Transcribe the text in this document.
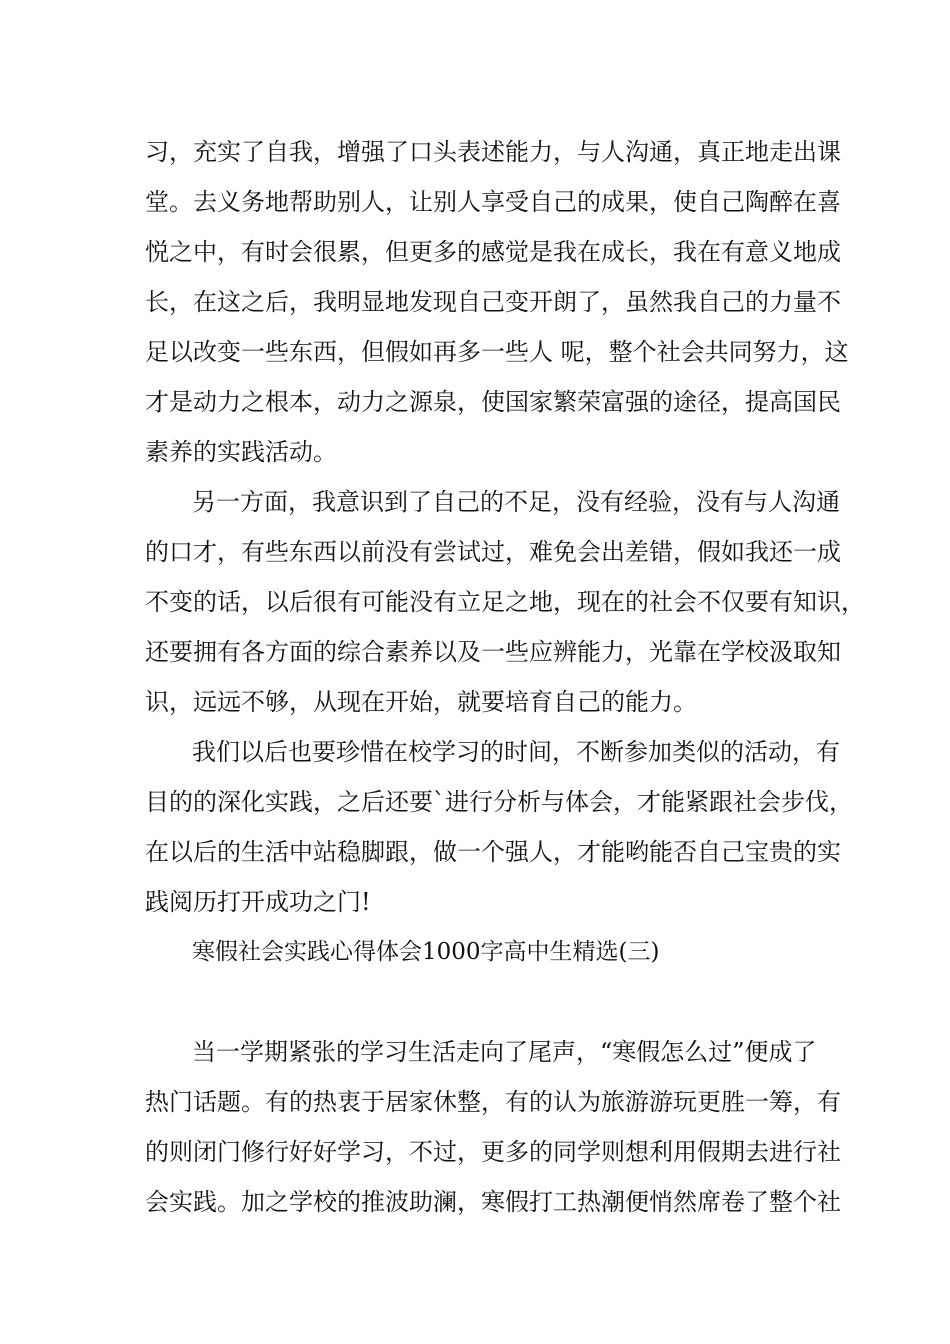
习，充实了自我，增强了口头表述能力，与人沟通，真正地走出课
堂。去义务地帮助别人，让别人享受自己的成果，使自己陶醉在喜
悦之中，有时会很累，但更多的感觉是我在成长，我在有意义地成
长，在这之后，我明显地发现自己变开朗了，虽然我自己的力量不
足以改变一些东西，但假如再多一些人 呢，整个社会共同努力，这
才是动力之根本，动力之源泉，使国家繁荣富强的途径，提高国民
素养的实践活动。
另一方面，我意识到了自己的不足，没有经验，没有与人沟通
的口才，有些东西以前没有尝试过，难免会出差错，假如我还一成
不变的话，以后很有可能没有立足之地，现在的社会不仅要有知识，
还要拥有各方面的综合素养以及一些应辨能力，光靠在学校汲取知
识，远远不够，从现在开始，就要培育自己的能力。
我们以后也要珍惜在校学习的时间，不断参加类似的活动，有
目的的深化实践，之后还要`进行分析与体会，才能紧跟社会步伐，
在以后的生活中站稳脚跟，做一个强人，才能哟能否自己宝贵的实
践阅历打开成功之门!
寒假社会实践心得体会1000字高中生精选(三)
当一学期紧张的学习生活走向了尾声，“寒假怎么过”便成了
热门话题。有的热衷于居家休整，有的认为旅游游玩更胜一筹，有
的则闭门修行好好学习，不过，更多的同学则想利用假期去进行社
会实践。加之学校的推波助澜，寒假打工热潮便悄然席卷了整个社
